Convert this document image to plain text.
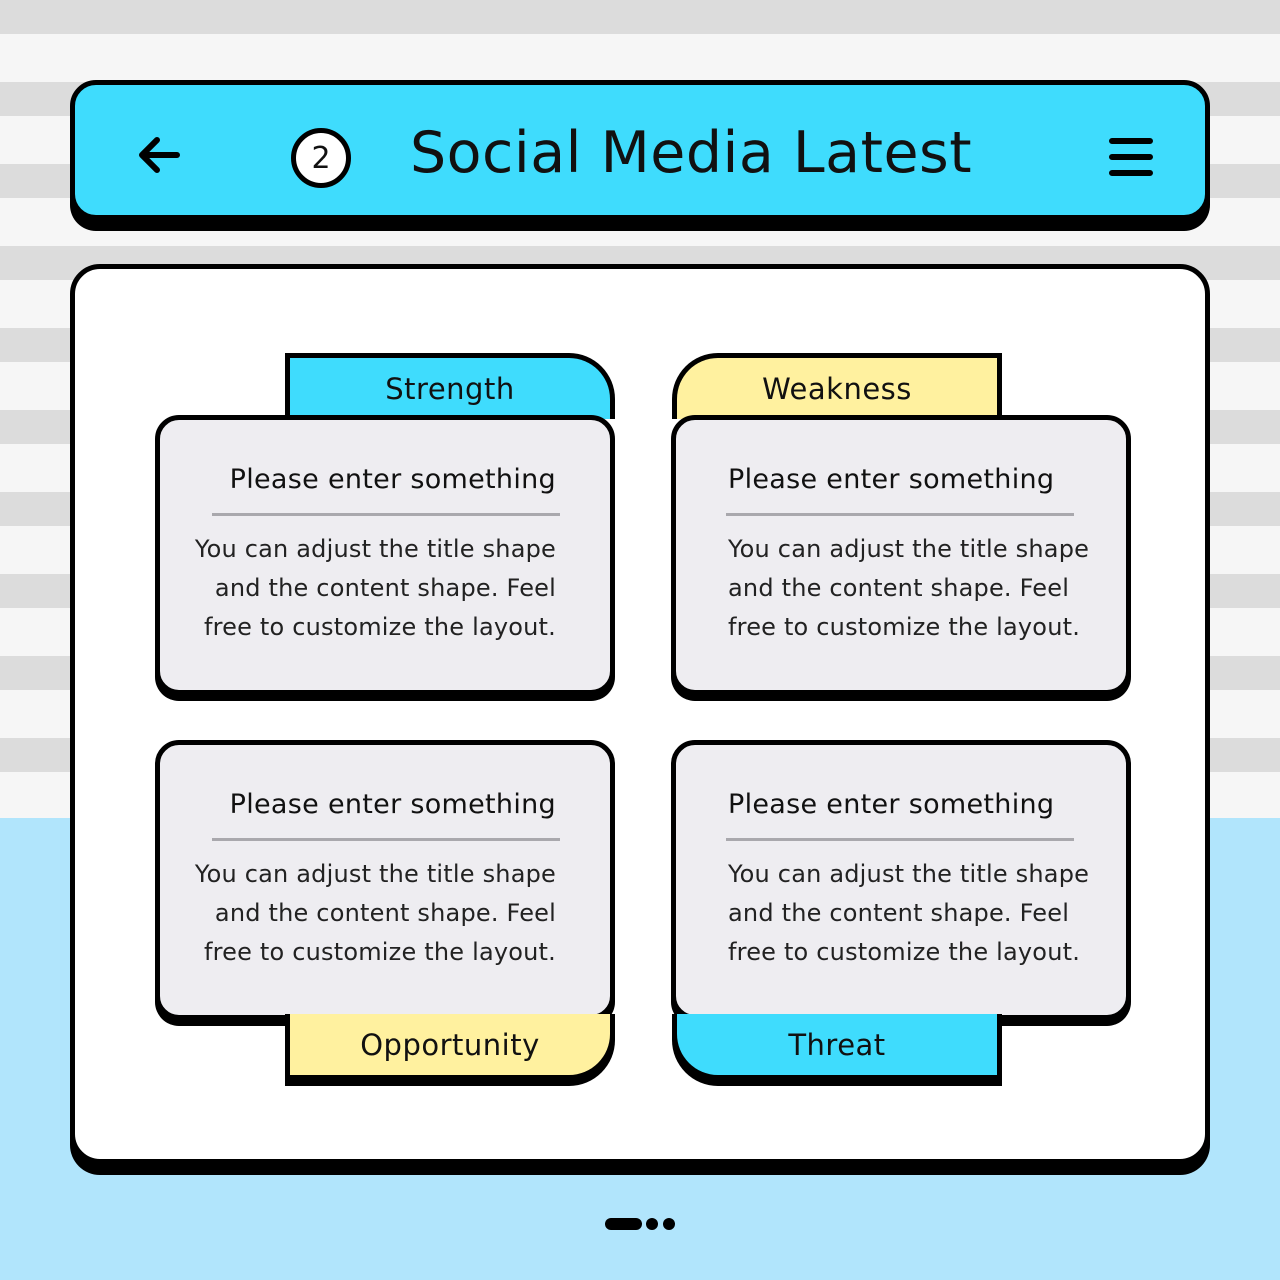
2	Social Media Latest
Strength
Please enter something
You can adjust the title shape and the content shape. Feel free to customize the layout.
Weakness
Please enter something
You can adjust the title shape and the content shape. Feel free to customize the layout.
Please enter something
You can adjust the title shape and the content shape. Feel free to customize the layout.
Opportunity
Please enter something
You can adjust the title shape and the content shape. Feel free to customize the layout.
Threat
